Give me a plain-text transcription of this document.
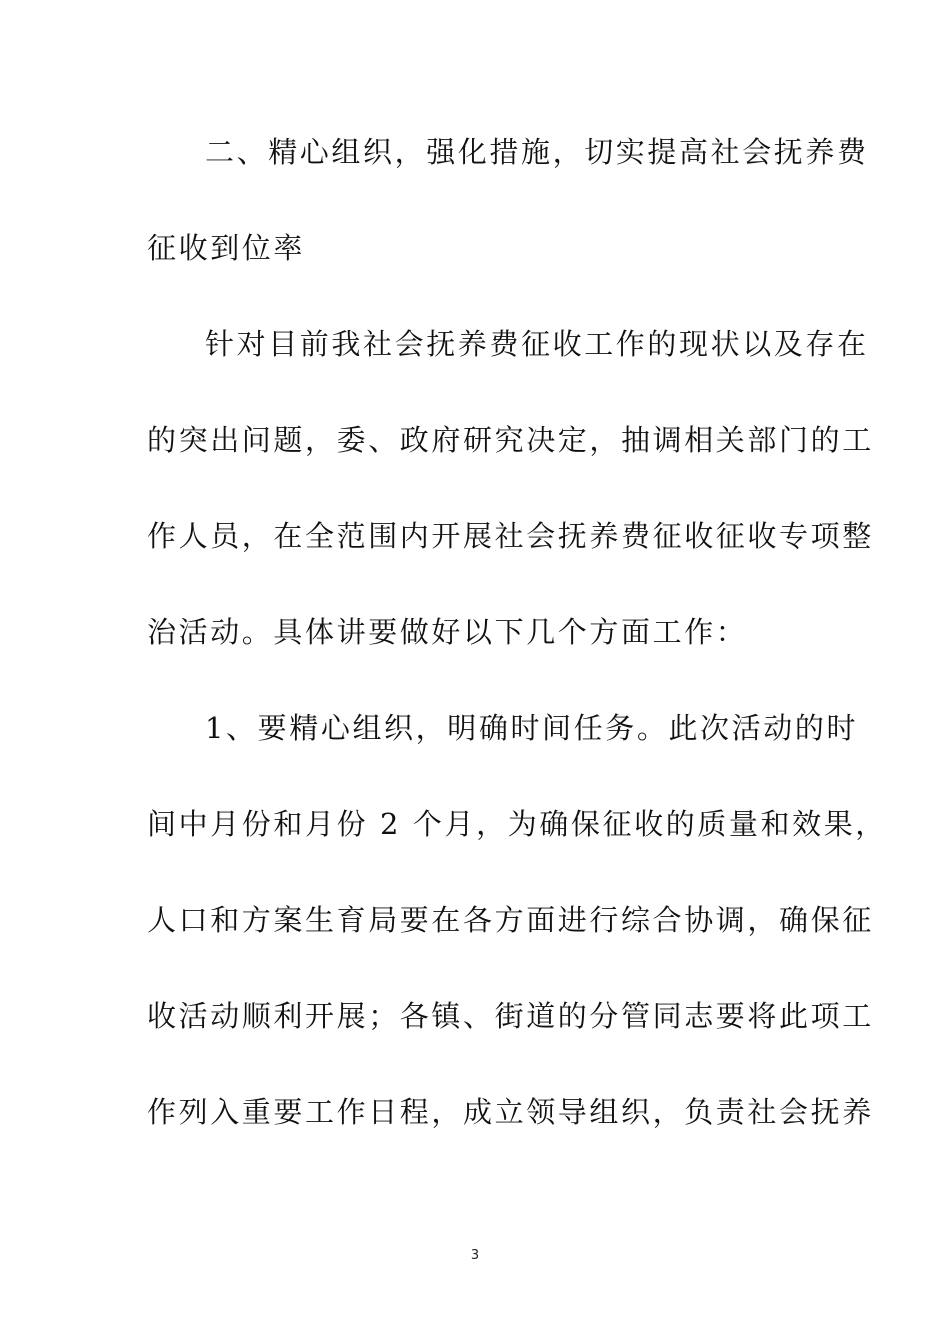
二、精心组织，强化措施，切实提高社会抚养费
征收到位率
针对目前我社会抚养费征收工作的现状以及存在
的突出问题，委、政府研究决定，抽调相关部门的工
作人员，在全范围内开展社会抚养费征收征收专项整
治活动。具体讲要做好以下几个方面工作：
1、要精心组织，明确时间任务。此次活动的时
间中月份和月份 2 个月，为确保征收的质量和效果，
人口和方案生育局要在各方面进行综合协调，确保征
收活动顺利开展；各镇、街道的分管同志要将此项工
作列入重要工作日程，成立领导组织，负责社会抚养
3
